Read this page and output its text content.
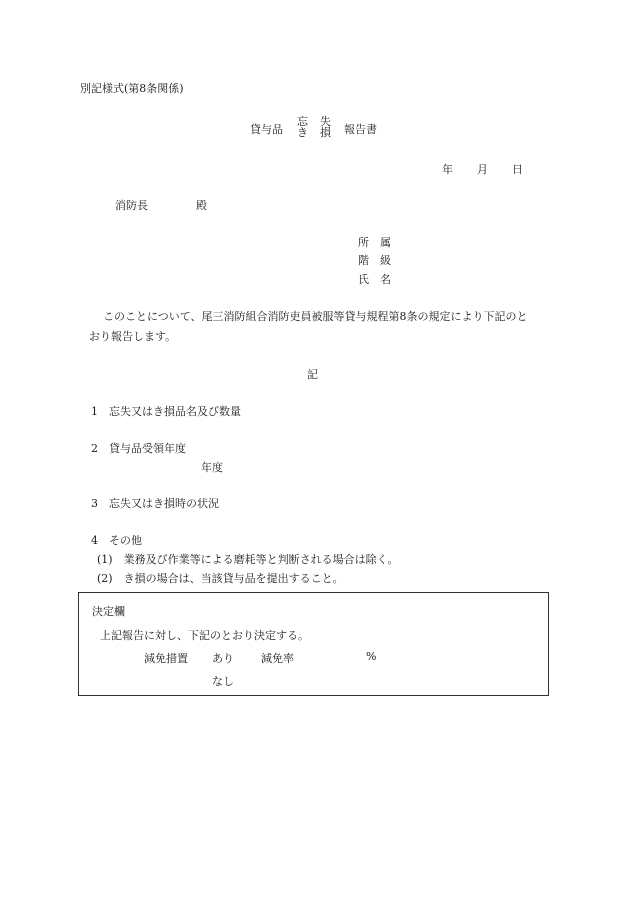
別記様式(第8条関係)
貸与品
忘
き
失
損 報告書
年 月 日
消防長	殿
所　属
階　級
氏　名
このことについて、尾三消防組合消防吏員被服等貸与規程第8条の規定により下記のと
おり報告します。
記
1　忘失又はき損品名及び数量
2　貸与品受領年度
年度
3　忘失又はき損時の状況
4　その他
(1)　業務及び作業等による磨耗等と判断される場合は除く。
(2)　き損の場合は、当該貸与品を提出すること。
決定欄
上記報告に対し、下記のとおり決定する。
減免措置 あり 減免率	%
なし
